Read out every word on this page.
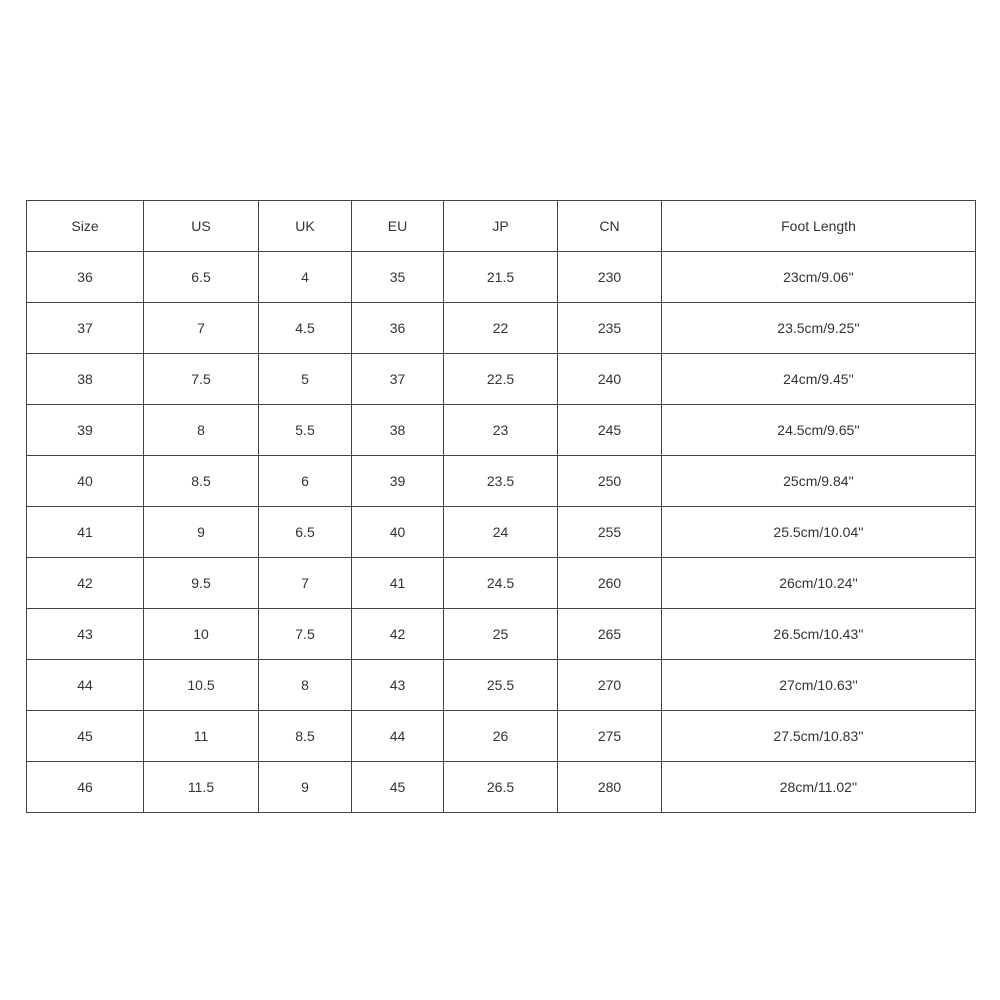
Size	US	UK	EU	JP	CN	Foot Length
36	6.5	4	35	21.5	230	23cm/9.06''
37	7	4.5	36	22	235	23.5cm/9.25''
38	7.5	5	37	22.5	240	24cm/9.45''
39	8	5.5	38	23	245	24.5cm/9.65''
40	8.5	6	39	23.5	250	25cm/9.84''
41	9	6.5	40	24	255	25.5cm/10.04''
42	9.5	7	41	24.5	260	26cm/10.24''
43	10	7.5	42	25	265	26.5cm/10.43''
44	10.5	8	43	25.5	270	27cm/10.63''
45	11	8.5	44	26	275	27.5cm/10.83''
46	11.5	9	45	26.5	280	28cm/11.02''
